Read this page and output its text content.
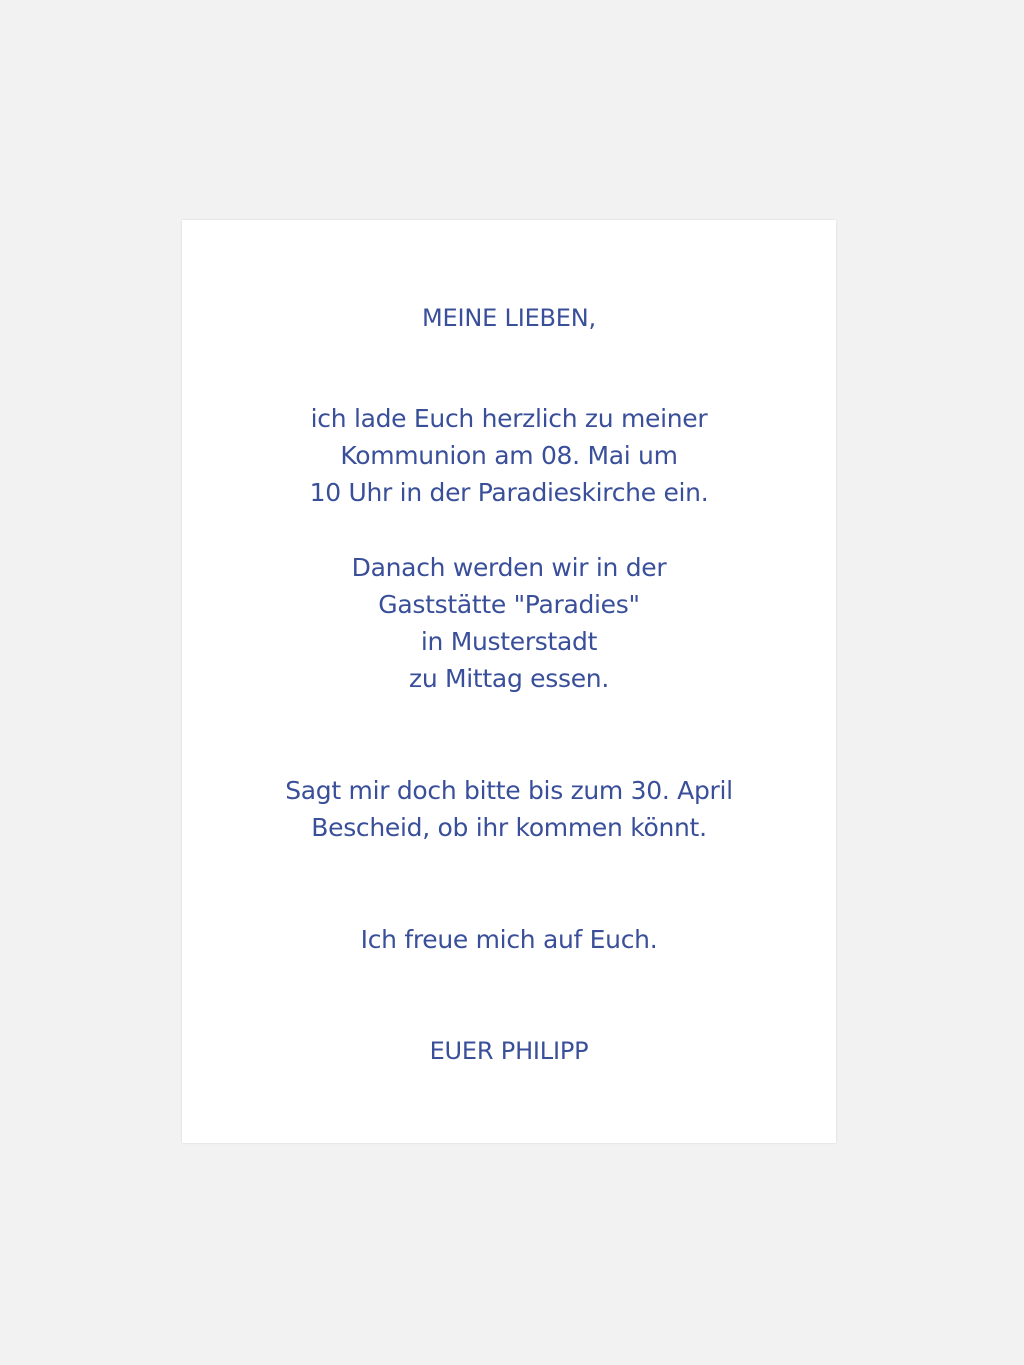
MEINE LIEBEN,
ich lade Euch herzlich zu meiner
Kommunion am 08. Mai um
10 Uhr in der Paradieskirche ein.
Danach werden wir in der
Gaststätte "Paradies"
in Musterstadt
zu Mittag essen.
Sagt mir doch bitte bis zum 30. April
Bescheid, ob ihr kommen könnt.
Ich freue mich auf Euch.
EUER PHILIPP
